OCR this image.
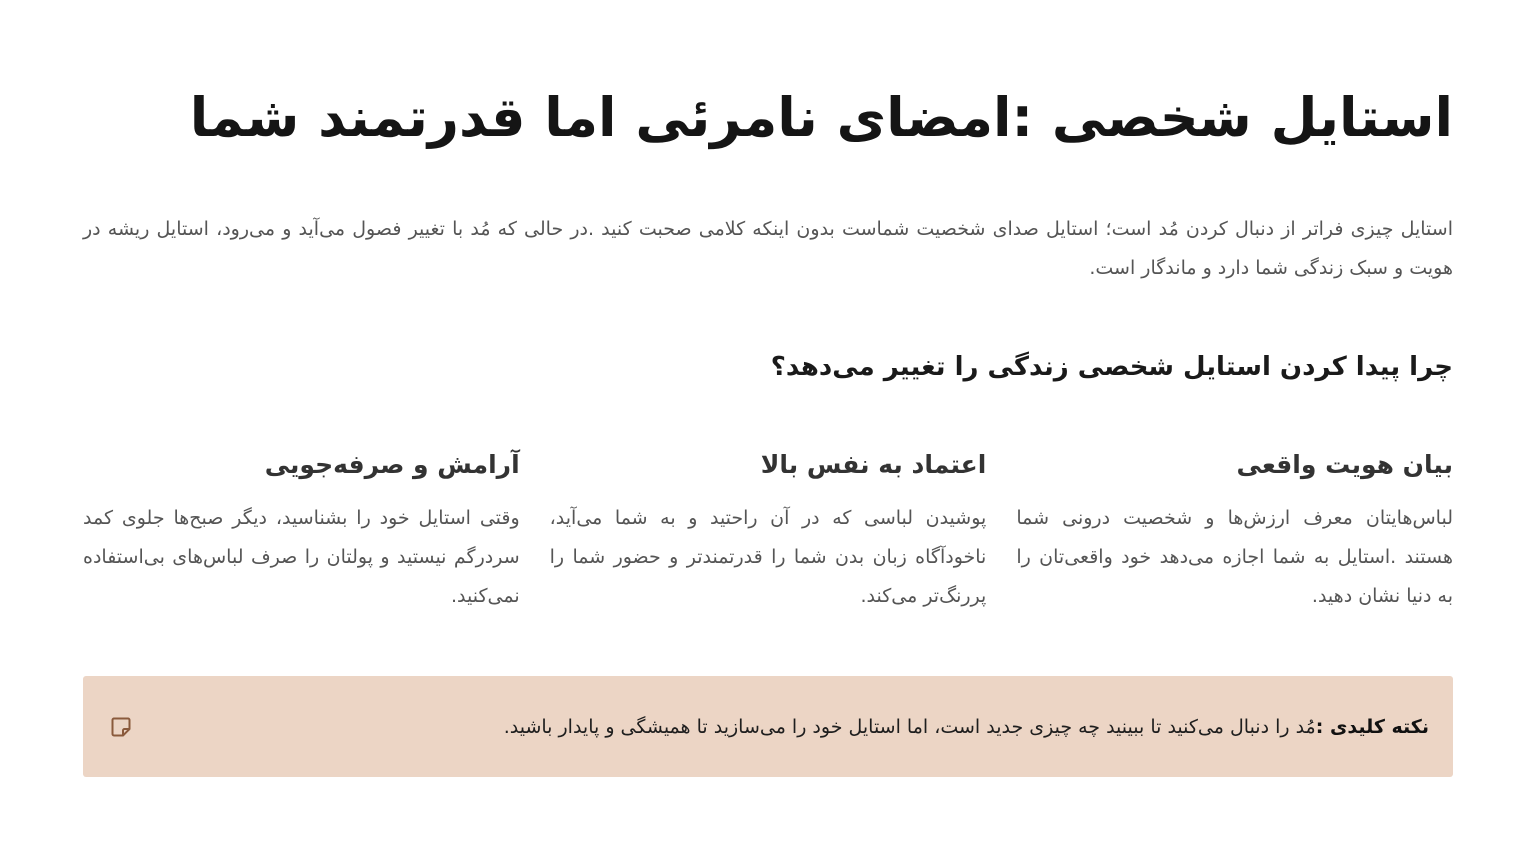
استایل شخصی :امضای نامرئی اما قدرتمند شما

استایل چیزی فراتر از دنبال کردن مُد است؛ استایل صدای شخصیت شماست بدون اینکه کلامی صحبت کنید .در حالی که مُد با تغییر فصول می‌آید و می‌رود، استایل ریشه در هویت و سبک زندگی شما دارد و ماندگار است.

چرا پیدا کردن استایل شخصی زندگی را تغییر می‌دهد؟
بیان هویت واقعی

لباس‌هایتان معرف ارزش‌ها و شخصیت درونی شما هستند .استایل به شما اجازه می‌دهد خود واقعی‌تان را به دنیا نشان دهید.

اعتماد به نفس بالا

پوشیدن لباسی که در آن راحتید و به شما می‌آید، ناخودآگاه زبان بدن شما را قدرتمندتر و حضور شما را پررنگ‌تر می‌کند.

آرامش و صرفه‌جویی

وقتی استایل خود را بشناسید، دیگر صبح‌ها جلوی کمد سردرگم نیستید و پولتان را صرف لباس‌های بی‌استفاده نمی‌کنید.

نکته کلیدی :مُد را دنبال می‌کنید تا ببینید چه چیزی جدید است، اما استایل خود را می‌سازید تا همیشگی و پایدار باشید.
